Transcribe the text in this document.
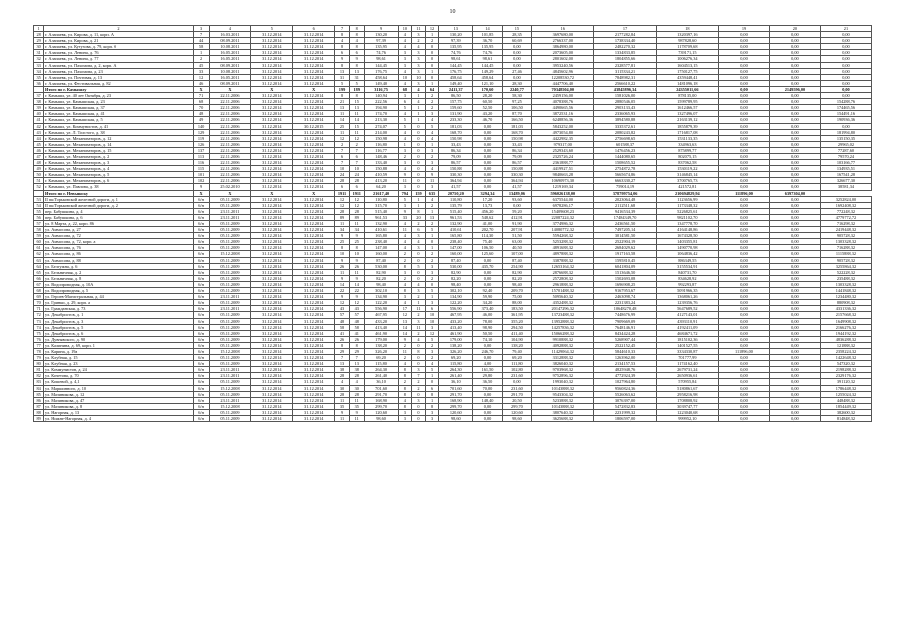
10
1	2	3	4	5	6	7	8	9	10	11	12	13	14	15	16	17	18	19	20	21
28	г. Алапаевк, ул. Кирова, д. 11, корп. А	7	16.03.2011	31.12.2014	31.12.2014	8	8	130,20	4	3	1	130,20	101,85	28,35	3697680,00	2177282,84	1320397,16	0,00	0,00	0,00
29	г. Алапаевк, ул. Кирова, д. 21	44	08.09.2011	31.12.2014	31.12.2014	4	4	97,39	4	2	2	97,39	36,70	60,69	2766337,00	1738334,40	987828,60	0,00	0,00	0,00
30	г. Алапаевк, ул. Кутузова, д. 79, корп. б	58	10.08.2011	31.12.2014	31.12.2014	8	8	135,95	4	4	0	135,95	135,95	0,00	3864980,00	2482270,32	1178709,68	0,00	0,00	0,00
31	г. Алапаевк, ул. Ленина, д. 76	1	16.05.2011	31.12.2014	31.12.2014	6	6	74,76	3	3	0	74,76	74,76	0,00	2073605,00	1334833,85	739171,15	0,00	0,00	0,00
32	г. Алапаевк, ул. Ленина, д. 77	2	16.05.2011	31.12.2014	31.12.2014	9	9	98,61	3	3	0	98,61	98,61	0,00	2801602,00	1804855,66	1006276,34	0,00	0,00	0,00
33	г. Алапаевк, ул. Пахомова, д. 2, корп. А	45	08.09.2011	31.12.2014	31.12.2014	8	8	144,45	3	3	0	144,45	144,45	0,00	3953240,56	2328577,81	1604513,15	0,00	0,00	0,00
34	г. Алапаевк, ул. Пахомова, д. 23	33	10.08.2011	31.12.2014	31.12.2014	13	13	176,75	4	3	1	176,75	149,29	27,46	4845602,96	3115334,21	1750127,75	0,00	0,00	0,00
35	г. Алапаевк, ул. Почтовая, д. 13	12	16.05.2011	31.12.2014	31.12.2014	31	31	458,64	10	10	0	458,64	458,64	0,00	12208530,72	7848982,31	4359448,41	0,00	0,00	0,00
36	г. Алапаевк, ул. Фестивальная, д. 82	46	08.09.2011	31.12.2014	31.12.2014	5	5	149,40	4	3	1	149,40	121,10	28,30	4447706,40	2566610,22	1481096,18	0,00	0,00	0,00
	Итого по г. Камышлу	X	X	X	X	199	189	3116,75	68	4	64	2411,37	170,60	2240,77	70348504,00	43845896,34	24355011,66	0,00	2149596,00	0,00
37	г. Камышл, ул. 40 лет Октября, д. 23	71	22.11.2006	31.12.2014	31.12.2014	8	8	140,94	3	1	2	86,50	28,20	58,30	2459156,00	1581026,00	878135,00	0,00	0,00	0,00
38	г. Камышл, ул. Камышская, д. 23	68	22.11.2006	31.12.2014	31.12.2014	21	15	222,56	6	4	2	157,75	60,50	97,25	4078388,76	2880546,05	1599789,95	0,00	0,00	154288,76
39	г. Камышл, ул. Камышская, д. 37	70	22.11.2006	31.12.2014	31.12.2014	13	13	194,90	5	1	2	159,60	52,50	106,50	4490665,56	2903133,43	1612466,57	0,00	0,00	174465,56
40	г. Камышл, ул. Камышская, д. 41	48	22.11.2006	31.12.2014	31.12.2014	11	11	174,70	4	1	3	131,90	43,20	87,70	3872531,16	2336065,93	1327496,07	0,00	0,00	154491,16
41	г. Камышл, ул. Камышская, д. 5	49	22.11.2006	31.12.2014	31.12.2014	14	14	213,30	5	1	4	233,30	46,70	166,50	6248856,36	3894580,88	2163139,12	0,00	0,00	190936,36
42	г. Камышл, ул. Коммунистов, д. 41	140	22.11.2006	31.12.2014	30.12.2015	25	15	274,07	5	0	5	181,03	0,00	181,03	5843252,00	3335372,61	1855879,39	0,00	0,00	0,00
43	г. Камышл, ул. Л. Толстого, д. 38	129	22.11.2006	31.12.2014	31.12.2014	11	11	214,00	4	0	4	168,70	0,00	168,70	4973054,80	2080243,82	1716817,08	0,00	0,00	181994,80
44	г. Камышл, ул. Механизаторов, д. 12	119	22.11.2006	31.12.2014	31.12.2014	12	12	150,98	4	0	4	150,98	0,00	150,98	4422982,35	2756698,65	1531133,35	0,00	0,00	135150,35
45	г. Камышл, ул. Механизаторов, д. 14	126	22.11.2006	31.12.2014	31.12.2014	2	2	116,80	1	0	1	33,43	0,00	33,43	979317,00	601588,37	334963,63	0,00	0,00	29965,02
46	г. Камышл, ул. Механизаторов, д. 15	137	22.11.2006	31.12.2014	31.12.2014	7	7	116,77	3	0	3	86,34	0,00	86,34	2529343,60	1476456,23	875899,77	0,00	0,00	77287,60
47	г. Камышл, ул. Механизаторов, д. 2	113	22.11.2006	31.12.2014	31.12.2014	6	6	148,46	2	0	2	79,09	0,00	79,09	2325726,24	1444080,65	802075,15	0,00	0,00	79570,24
48	г. Камышл, ул. Механизаторов, д. 3	116	22.11.2006	31.12.2014	31.12.2014	7	7	133,40	3	0	3	86,57	0,00	86,57	2361888,77	1508655,52	837062,58	0,00	0,00	103166,77
49	г. Камышл, ул. Механизаторов, д. 4	115	22.11.2006	31.12.2014	31.12.2014	10	10	150,88	4	0	4	150,88	0,00	150,88	4419927,51	2754872,78	1530119,22	0,00	0,00	134935,51
50	г. Камышл, ул. Механизаторов, д. 5	101	22.11.2006	31.12.2014	31.12.2014	24	24	410,59	9	0	9	330,30	0,00	330,30	9840663,28	5665674,86	3146845,14	0,00	0,00	167541,28
51	г. Камышл, ул. Механизаторов, д. 6	102	22.11.2006	31.12.2014	31.12.2014	28	28	413,20	11	0	11	364,94	0,00	364,94	10690973,30	6663330,27	3700765,73	0,00	0,00	326677,30
52	г. Камышл, ул. Павлова, д. 38	9	25.02.2010	31.12.2014	31.12.2014	6	6	64,20	3	0	3	41,57	0,00	41,57	1219169,34	759014,19	421572,81	0,00	0,00	38581,34
	Итого по г. Невьянску	X	X	X	X	1911	1911	21617,40	794	159	635	20750,20	3294,34	13489,06	596026138,00	378799754,06	210694829,94	111896,00	6397304,00	
53	II пк/Горьковской железной дороги, д. 1	6/н	05.11.2009	31.12.2014	31.12.2014	12	12	110,80	5	1	4	110,80	17,20	93,60	6375544,00	2023064,48	1123656,99	0,00	0,00	3252824,00
54	II пк/Горьковской железной дороги, д. 2	6/н	05.11.2009	31.12.2014	31.12.2014	12	12	315,70	3	1	2	135,79	13,73	0,00	6978286,17	2112511,68	1173348,32	0,00	0,00	1692408,32
55	пер. Бабушкина, д. 4	6/н	23.11.2011	31.12.2014	31.12.2014	28	28	515,40	9	8	1	515,40	456,20	59,20	15409608,23	9416534,39	5226825,61	0,00	0,00	772248,32
56	пер. Бабушкина, д. 6	6/н	23.11.2011	31.12.2014	31.12.2014	89	89	961,53	33	20	13	961,53	548,62	412,91	22087224,32	17484349,70	9821102,70	0,00	0,00	4779772,72
57	ул. 8 Марта, д. 22, корп. 86	6/н	05.11.2009	31.12.2014	31.12.2014	11	11	132,90	4	2	2	132,90	41,00	91,90	3774986,32	2436561,50	1347778,70	0,00	0,00	716298,32
58	ул. Аммосова, д. 27	6/н	05.11.2009	31.12.2014	31.12.2014	34	34	410,61	11	6	5	410,61	202,70	207,91	14080772,32	7497205,14	4164148,86	0,00	0,00	2419448,32
59	ул. Аммосова, д. 72	6/н	05.11.2009	31.12.2014	31.12.2014	9	9	165,80	4	3	1	165,80	114,30	51,50	5594268,32	3014581,50	1674328,50	0,00	0,00	905728,32
60	ул. Аммосова, д. 72, корп. а	6/н	05.11.2009	31.12.2014	31.12.2014	25	25	238,40	4	4	0	238,40	75,40	63,00	5253288,32	2522904,19	1403355,81	0,00	0,00	1303328,32
61	ул. Аммосова, д. 76	6/н	05.11.2009	31.12.2014	31.12.2014	8	8	147,00	4	3	1	147,00	106,50	40,50	4891688,32	2684029,62	1490770,98	0,00	0,00	716288,32
62	ул. Аммосова, д. 86	6/н	15.12.2008	31.12.2014	31.12.2014	10	10	160,00	2	0	2	160,00	125,60	107,00	4897888,32	1917163,58	1064836,42	0,00	0,00	1115888,32
63	ул. Аммосова, д. 88	6/н	05.11.2009	31.12.2014	31.12.2014	9	9	87,40	2	0	2	87,40	0,00	87,40	3387888,32	1595810,45	886349,55	0,00	0,00	905728,32
64	ул. Белгужна, д. 6	6/н	05.11.2009	31.12.2014	31.12.2014	26	26	530,00	8	5	3	530,00	435,70	254,90	12653164,32	6041804,09	3155534,91	0,00	0,00	3255864,32
65	ул. Бельничная, д. 2	6/н	05.11.2009	31.12.2014	31.12.2014	11	11	82,90	3	0	3	82,90	0,00	82,90	2876688,32	1513646,50	840731,70	0,00	0,00	522228,32
66	ул. Бельничная, д. 8	6/н	05.11.2009	31.12.2014	31.12.2014	9	9	82,20	2	0	2	82,20	0,00	82,20	2572808,32	1502693,08	834628,92	0,00	0,00	235488,32
67	ул. Водопроводная, д. 10А	6/н	05.11.2009	31.12.2014	31.12.2014	14	14	98,40	4	4	0	98,40	0,00	98,40	2961888,32	1696908,25	992293,87	0,00	0,00	1303328,32
68	ул. Водопроводная, д. 5	6/н	05.11.2009	31.12.2014	31.12.2014	22	22	302,10	8	3	5	302,10	92,40	209,70	15701488,32	9167953,67	5091966,35	0,00	0,00	1441848,32
69	ул. Героев-Магистральная, д. 44	6/н	23.11.2011	31.12.2014	31.12.2014	9	9	134,90	3	2	1	134,90	59,90	75,00	5095640,32	2463098,74	1368061,26	0,00	0,00	1234480,32
70	ул. Гринки, д. 29, корп. а	6/н	05.11.2009	31.12.2014	31.12.2014	12	12	122,20	4	1	3	122,20	34,20	88,00	4352488,32	2231383,24	1239356,76	0,00	0,00	880908,32
71	ул. Гражданская, д. 73	6/н	23.11.2011	31.12.2014	31.12.2014	43	43	556,90	17	11	6	556,90	373,40	183,50	20147296,32	10648270,48	5647689,52	0,00	0,00	4331336,32
72	ул. Декабристов, д. 1	6/н	05.11.2009	31.12.2014	31.12.2014	57	57	467,95	12	2	10	467,95	46,00	361,95	13723488,32	7448676,99	4127143,01	0,00	0,00	2157668,32
73	ул. Декабристов, д. 3	6/н	05.11.2009	31.12.2014	31.12.2014	48	48	433,20	13	3	10	433,20	78,00	355,20	13952888,32	7909669,09	4393110,91	0,00	0,00	1649908,32
74	ул. Декабристов, д. 5	6/н	05.11.2009	31.12.2014	31.12.2014	58	58	413,40	14	11	3	413,40	98,90	294,50	14257836,32	7648146,91	4192411,09	0,00	0,00	2166276,32
75	ул. Декабристов, д. 6	6/н	05.11.2009	31.12.2014	31.12.2014	41	41	461,90	14	2	12	461,90	50,50	411,40	15066288,32	8434424,28	4684671,72	0,00	0,00	1944192,32
76	ул. Дувнявского, д. 90	6/н	05.11.2009	31.12.2014	31.12.2014	26	26	179,00	9	4	5	179,00	74,10	104,90	9910888,32	5268907,44	1815102,36	0,00	0,00	4836288,32
77	ул. Калинина, д. 69, корп. 1	6/н	05.11.2009	31.12.2014	31.12.2014	8	8	138,20	2	0	2	138,20	0,00	138,20	4092888,32	2522152,45	1401527,55	0,00	0,00	121888,32
78	ул. Карина, д. 19а	6/н	15.12.2008	31.12.2014	31.12.2014	29	29	326,20	11	8	3	326,20	246,70	79,40	11429064,32	5844610,33	3334330,87	111896,00	0,00	2358224,32
79	ул. Клубная, д. 15	6/н	05.11.2009	31.12.2014	31.12.2014	7	7	69,20	2	0	2	69,20	0,00	69,20	3312888,32	1263962,00	701777,99	0,00	0,00	1422648,32
80	ул. Клубная, д. 23	6/н	05.11.2009	31.12.2014	31.12.2014	13	13	115,80	4	0	4	115,80	4,00	111,80	3826040,32	2134157,53	1174162,40	0,00	0,00	547320,32
81	ул. Коммунистов, д. 24	6/н	23.11.2011	31.12.2014	31.12.2014	38	38	264,30	8	3	5	264,30	161,50	102,80	9703968,32	4825948,76	2679731,24	0,00	0,00	2198288,32
82	ул. Кочетова, д. 70	6/н	23.11.2011	31.12.2014	31.12.2014	28	28	261,40	8	7	1	261,40	29,80	231,60	9752896,32	4772924,39	2650936,61	0,00	0,00	2329176,32
83	ул. Кошевой, д. 4,1	6/н	05.11.2009	31.12.2014	31.12.2014	4	4	36,10	2	2	0	36,10	36,50	0,00	1993040,32	1027964,80	570955,84	0,00	0,00	391120,32
84	ул. Маршинного, д. 10	6/н	15.12.2008	31.12.2014	31.12.2014	30	30	701,60	8	2	6	701,60	70,00	231,60	10143888,32	9560824,36	5180861,67	0,00	0,00	1786448,32
85	ул. Мазиникова, д. 12	6/н	05.11.2009	31.12.2014	31.12.2014	28	28	291,70	8	0	8	291,70	0,00	291,70	9543304,32	5526063,62	2958216,98	0,00	0,00	1255024,32
86	ул. Мазиникова, д. 47	6/н	23.11.2011	31.12.2014	31.12.2014	11	11	168,90	4	3	1	168,90	148,40	20,50	5233888,32	3076397,00	1708808,92	0,00	0,00	448488,32
87	ул. Мазиникова, д. 8	6/н	15.12.2008	31.12.2014	31.12.2014	35	35	299,70	8	0	8	299,70	0,00	299,70	10143888,32	5472832,83	3039747,77	0,00	0,00	1854449,32
88	ул. Нагорная, д. 13	6/н	05.11.2009	31.12.2014	31.12.2014	9	9	120,60	3	0	3	120,60	0,00	120,60	3807640,32	2231999,32	1223040,68	0,00	0,00	382600,32
89	ул. Нижне-Нагорная, д. 4	6/н	05.11.2009	31.12.2014	31.12.2014	11	11	98,60	3	0	3	98,60	0,00	98,60	3625688,32	1806597,00	999952,10	0,00	0,00	814848,32
